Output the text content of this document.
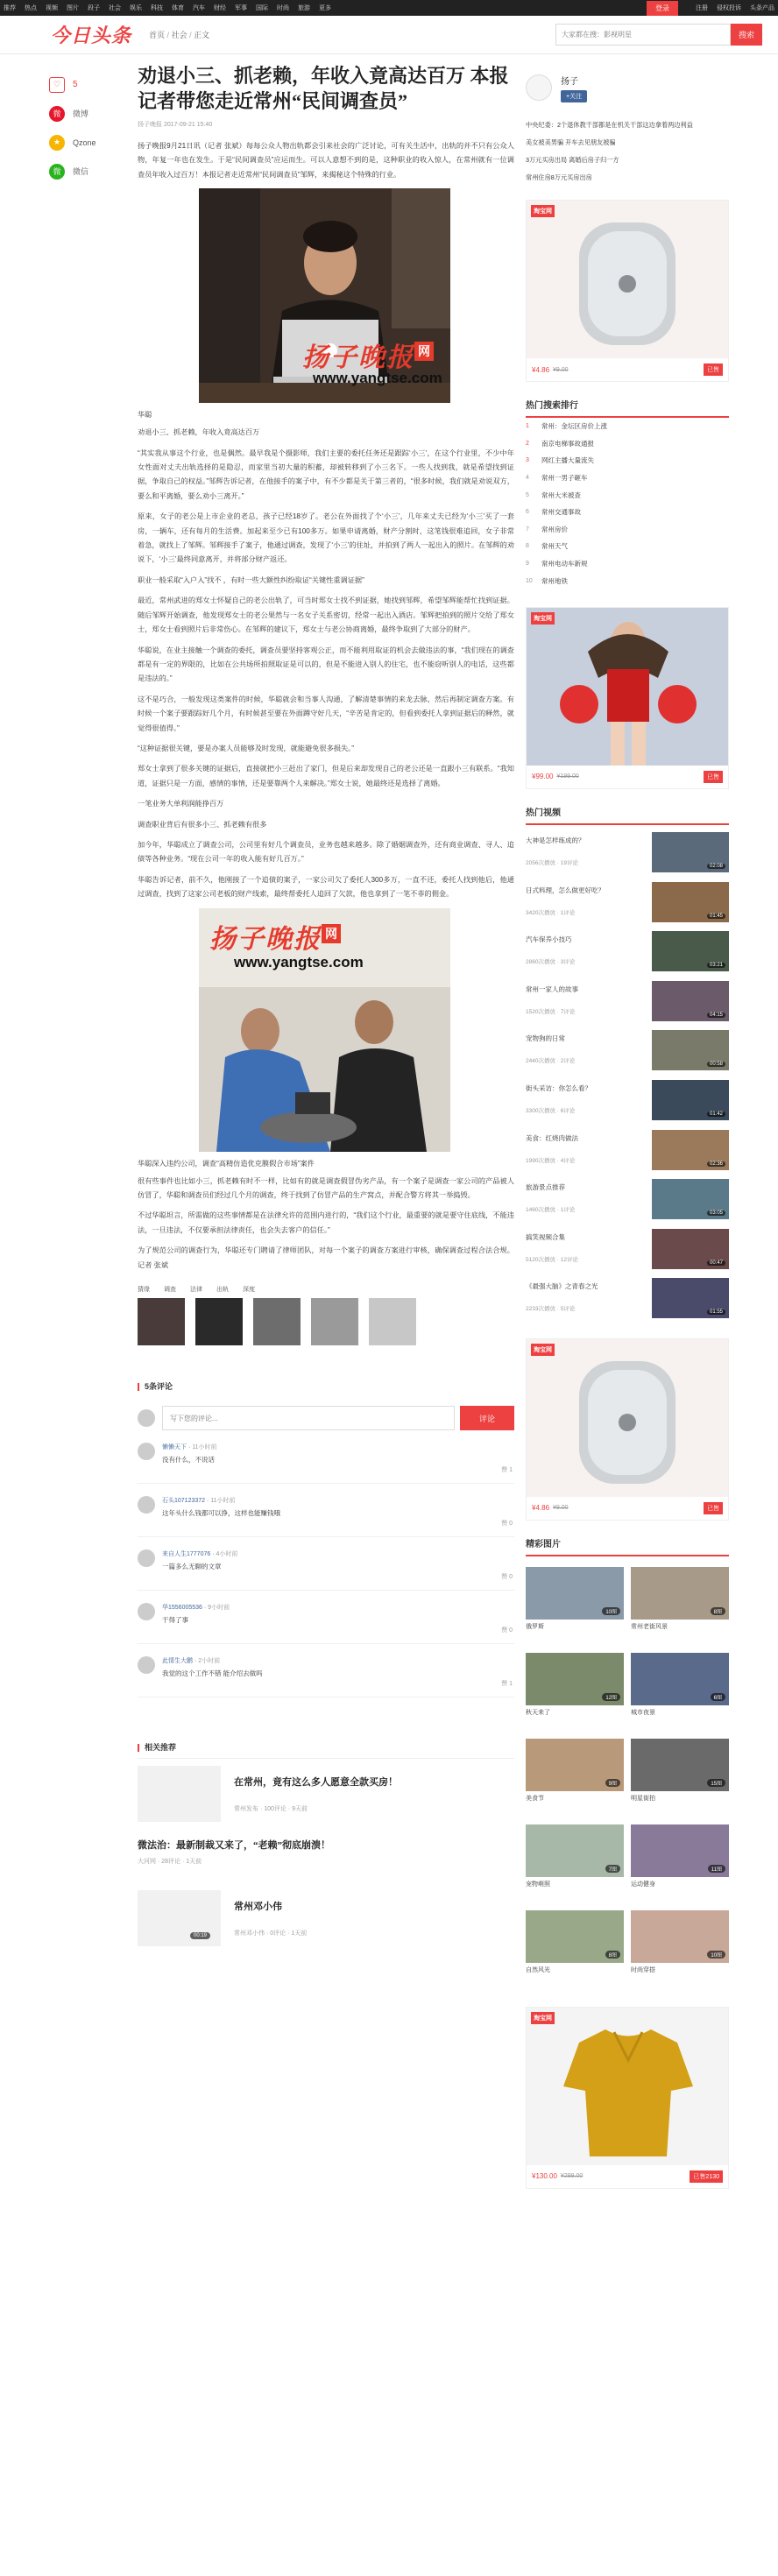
推荐 热点 视频 图片 段子 社会 娱乐 科技 体育 汽车 财经 军事 国际 时尚 旅游 更多	登录	注册 侵权投诉 头条产品
今日头条 首页 / 社会 / 正文
大家都在搜：影视明星	搜索
♡	5
微	微博
★	Qzone
微	微信
劝退小三、抓老赖，年收入竟高达百万 本报记者带您走近常州“民间调查员”
扬子晚报 2017-09-21 15:40
扬子晚报9月21日讯（记者 张斌）每每公众人物出轨都会引来社会的广泛讨论，可有关生活中，出轨的并不只有公众人物，年复一年也在发生。于是“民间调查员”应运而生。可以人意想不到的是，这种职业的收入惊人，在常州就有一位调查员年收入过百万！本报记者走近常州“民间调查员”邹辉，来揭秘这个特殊的行业。
扬子晚报 网
www.yangtse.com
华聪
劝退小三、抓老赖，年收入竟高达百万
“其实我从事这个行业，也是偶然。最早我是个摄影师，我们主要的委托任务还是跟踪‘小三’，在这个行业里，不少中年女性面对丈夫出轨选择的是隐忍，而家里当初大量的积蓄，却被转移到了小三名下。一些人找到我，就是希望找到证据，争取自己的权益。”邹辉告诉记者，在他接手的案子中，有不少都是关于第三者的，“很多时候，我们就是劝说双方，要么和平离婚，要么劝小三离开。”
原来，女子的老公是上市企业的老总，孩子已经18岁了。老公在外面找了个‘小三’，几年来丈夫已经为‘小三’买了一套房，一辆车，还有每月的生活费。加起来至少已有100多万。如果申请离婚，财产分割时，这笔钱很难追回，女子非常着急，就找上了邹辉。邹辉接手了案子，他通过调查，发现了‘小三’的住址，并拍到了两人一起出入的照片。在邹辉的劝说下，‘小三’最终同意离开，并将部分财产返还。
职业一般采取“入户入”找不 ，有时一些大额性纠纷取证“关键性重调证据”
最近，常州武进的郑女士怀疑自己的老公出轨了，可当时郑女士找不到证据，她找到邹辉，希望邹辉能帮忙找到证据。随后邹辉开始调查，他发现郑女士的老公果然与一名女子关系密切，经常一起出入酒店。邹辉把拍到的照片交给了郑女士，郑女士看到照片后非常伤心。在邹辉的建议下，郑女士与老公协商离婚，最终争取到了大部分的财产。
华聪说，在业主接触一个调查的委托，调查员要坚持客观公正，而不能利用取证的机会去做违法的事，“我们现在的调查都是有一定的界限的，比如在公共场所拍照取证是可以的，但是不能进入别人的住宅，也不能窃听别人的电话，这些都是违法的。”
这不是巧合，一般发现这类案件的时候，华聪就会和当事人沟通，了解清楚事情的来龙去脉，然后再制定调查方案。有时候一个案子要跟踪好几个月，有时候甚至要在外面蹲守好几天，“辛苦是肯定的，但看到委托人拿到证据后的释然，就觉得很值得。”
“这种证据很关键，要是办案人员能够及时发现，就能避免很多损失。”
郑女士拿到了很多关键的证据后，直接就把小三赶出了家门，但是后来却发现自己的老公还是一直跟小三有联系。“我知道，证据只是一方面，感情的事情，还是要靠两个人来解决。”郑女士说，她最终还是选择了离婚。
一笔业务大单利润能挣百万
调查职业背后有很多小三、抓老赖有很多
加今年，华聪成立了调查公司，公司里有好几个调查员，业务也越来越多。除了婚姻调查外，还有商业调查、寻人、追债等各种业务。“现在公司一年的收入能有好几百万。”
华聪告诉记者，前不久，他刚接了一个追债的案子，一家公司欠了委托人300多万，一直不还，委托人找到他后，他通过调查，找到了这家公司老板的财产线索，最终帮委托人追回了欠款，他也拿到了一笔不菲的佣金。
扬子晚报 网
www.yangtse.com
华聪深入违约公司，调查“高精仿造优克膜假合市场”案件
很有些事件也比如小三，抓老赖有时不一样，比如有的就是调查假冒伪劣产品，有一个案子是调查一家公司的产品被人仿冒了，华聪和调查员们经过几个月的调查，终于找到了仿冒产品的生产窝点，并配合警方将其一举捣毁。
不过华聪坦言，所需做的这些事情都是在法律允许的范围内进行的，“我们这个行业，最重要的就是要守住底线，不能违法，一旦违法，不仅要承担法律责任，也会失去客户的信任。”
为了规范公司的调查行为，华聪还专门聘请了律师团队，对每一个案子的调查方案进行审核，确保调查过程合法合规。记者 张斌
猜缘 调查 法律 出轨 深度
5条评论
写下您的评论...
评论
懒懒天下 · 11小时前
没有什么，不说话
赞 1
石头107123372 · 11小时前
这年头什么钱都可以挣，这样也能赚钱哦
赞 0
来自人生1777076 · 4小时前
一篇多么无聊的文章
赞 0
华1556005536 · 9小时前
干得了事
赞 0
此情生大鹏 · 2小时前
我觉的这个工作不错 能介绍去做吗
赞 1
相关推荐
在常州，竟有这么多人愿意全款买房！
常州发布 · 100评论 · 9天前
微法治：最新制裁又来了，“老赖”彻底崩溃！
大河网 · 28评论 · 1天前
00:19
常州邓小伟
常州邓小伟 · 0评论 · 1天前
扬子
+关注
中央纪委：2个退休教干部都是在机关干部这边拿着两边利益
美女被美男骗 开车去见朋友被骗
3万元买房出局 离婚后房子归一方
常州住房8万元买房出房
淘宝网
¥4.86 ¥9.00	已售
热门搜索排行
1	常州：金坛区房价上涨
2	南京电梯事故通报
3	网红主播大量流失
4	常州一男子砸车
5	常州大米被查
6	常州交通事故
7	常州房价
8	常州天气
9	常州电动车新规
10	常州地铁
淘宝网
¥99.00 ¥199.00	已售
热门视频
大神是怎样练成的？
2056次播放 · 19评论	02:08
日式料理，怎么做更好吃？
3420次播放 · 1评论	01:45
汽车保养小技巧
2860次播放 · 3评论	03:21
常州一家人的故事
1520次播放 · 7评论	04:15
宠物狗的日常
2440次播放 · 2评论	00:58
街头采访：你怎么看？
3300次播放 · 6评论	01:42
美食：红烧肉做法
1990次播放 · 4评论	02:36
旅游景点推荐
1460次播放 · 1评论	03:05
搞笑视频合集
5120次播放 · 12评论	00:47
《最强大脑》之青春之光
2233次播放 · 5评论	01:55
淘宝网
¥4.86 ¥9.00	已售
精彩图片
10图
俄罗斯
8图
常州老街风景
12图
秋天来了
6图
城市夜景
9图
美食节
15图
明星街拍
7图
宠物萌照
11图
运动健身
8图
自然风光
10图
时尚穿搭
淘宝网
¥130.00 ¥299.00	已售2130
